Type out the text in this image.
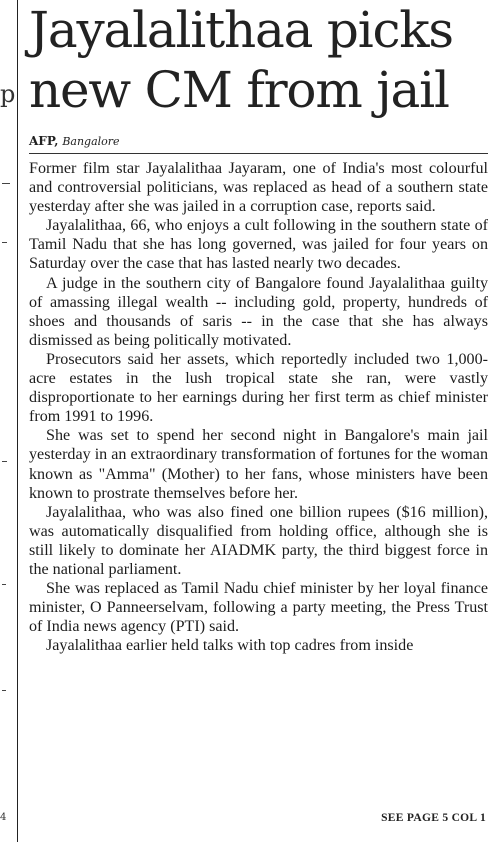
p
4
Jayalalithaa picks
new CM from jail
AFP, Bangalore

Former film star Jayalalithaa Jayaram, one of India's most colourful and controversial politicians, was replaced as head of a southern state yesterday after she was jailed in a corruption case, reports said.

Jayalalithaa, 66, who enjoys a cult following in the southern state of Tamil Nadu that she has long governed, was jailed for four years on Saturday over the case that has lasted nearly two decades.

A judge in the southern city of Bangalore found Jayalalithaa guilty of amassing illegal wealth -- including gold, property, hundreds of shoes and thousands of saris -- in the case that she has always dismissed as being politically motivated.

Prosecutors said her assets, which reportedly included two 1,000-acre estates in the lush tropical state she ran, were vastly disproportionate to her earnings during her first term as chief minister from 1991 to 1996.

She was set to spend her second night in Bangalore's main jail yesterday in an extraordinary transformation of fortunes for the woman known as "Amma" (Mother) to her fans, whose ministers have been known to prostrate themselves before her.

Jayalalithaa, who was also fined one billion rupees ($16 million), was automatically disqualified from holding office, although she is still likely to dominate her AIADMK party, the third biggest force in the national parliament.

She was replaced as Tamil Nadu chief minister by her loyal finance minister, O Panneerselvam, following a party meeting, the Press Trust of India news agency (PTI) said.

Jayalalithaa earlier held talks with top cadres from inside

SEE PAGE 5 COL 1
